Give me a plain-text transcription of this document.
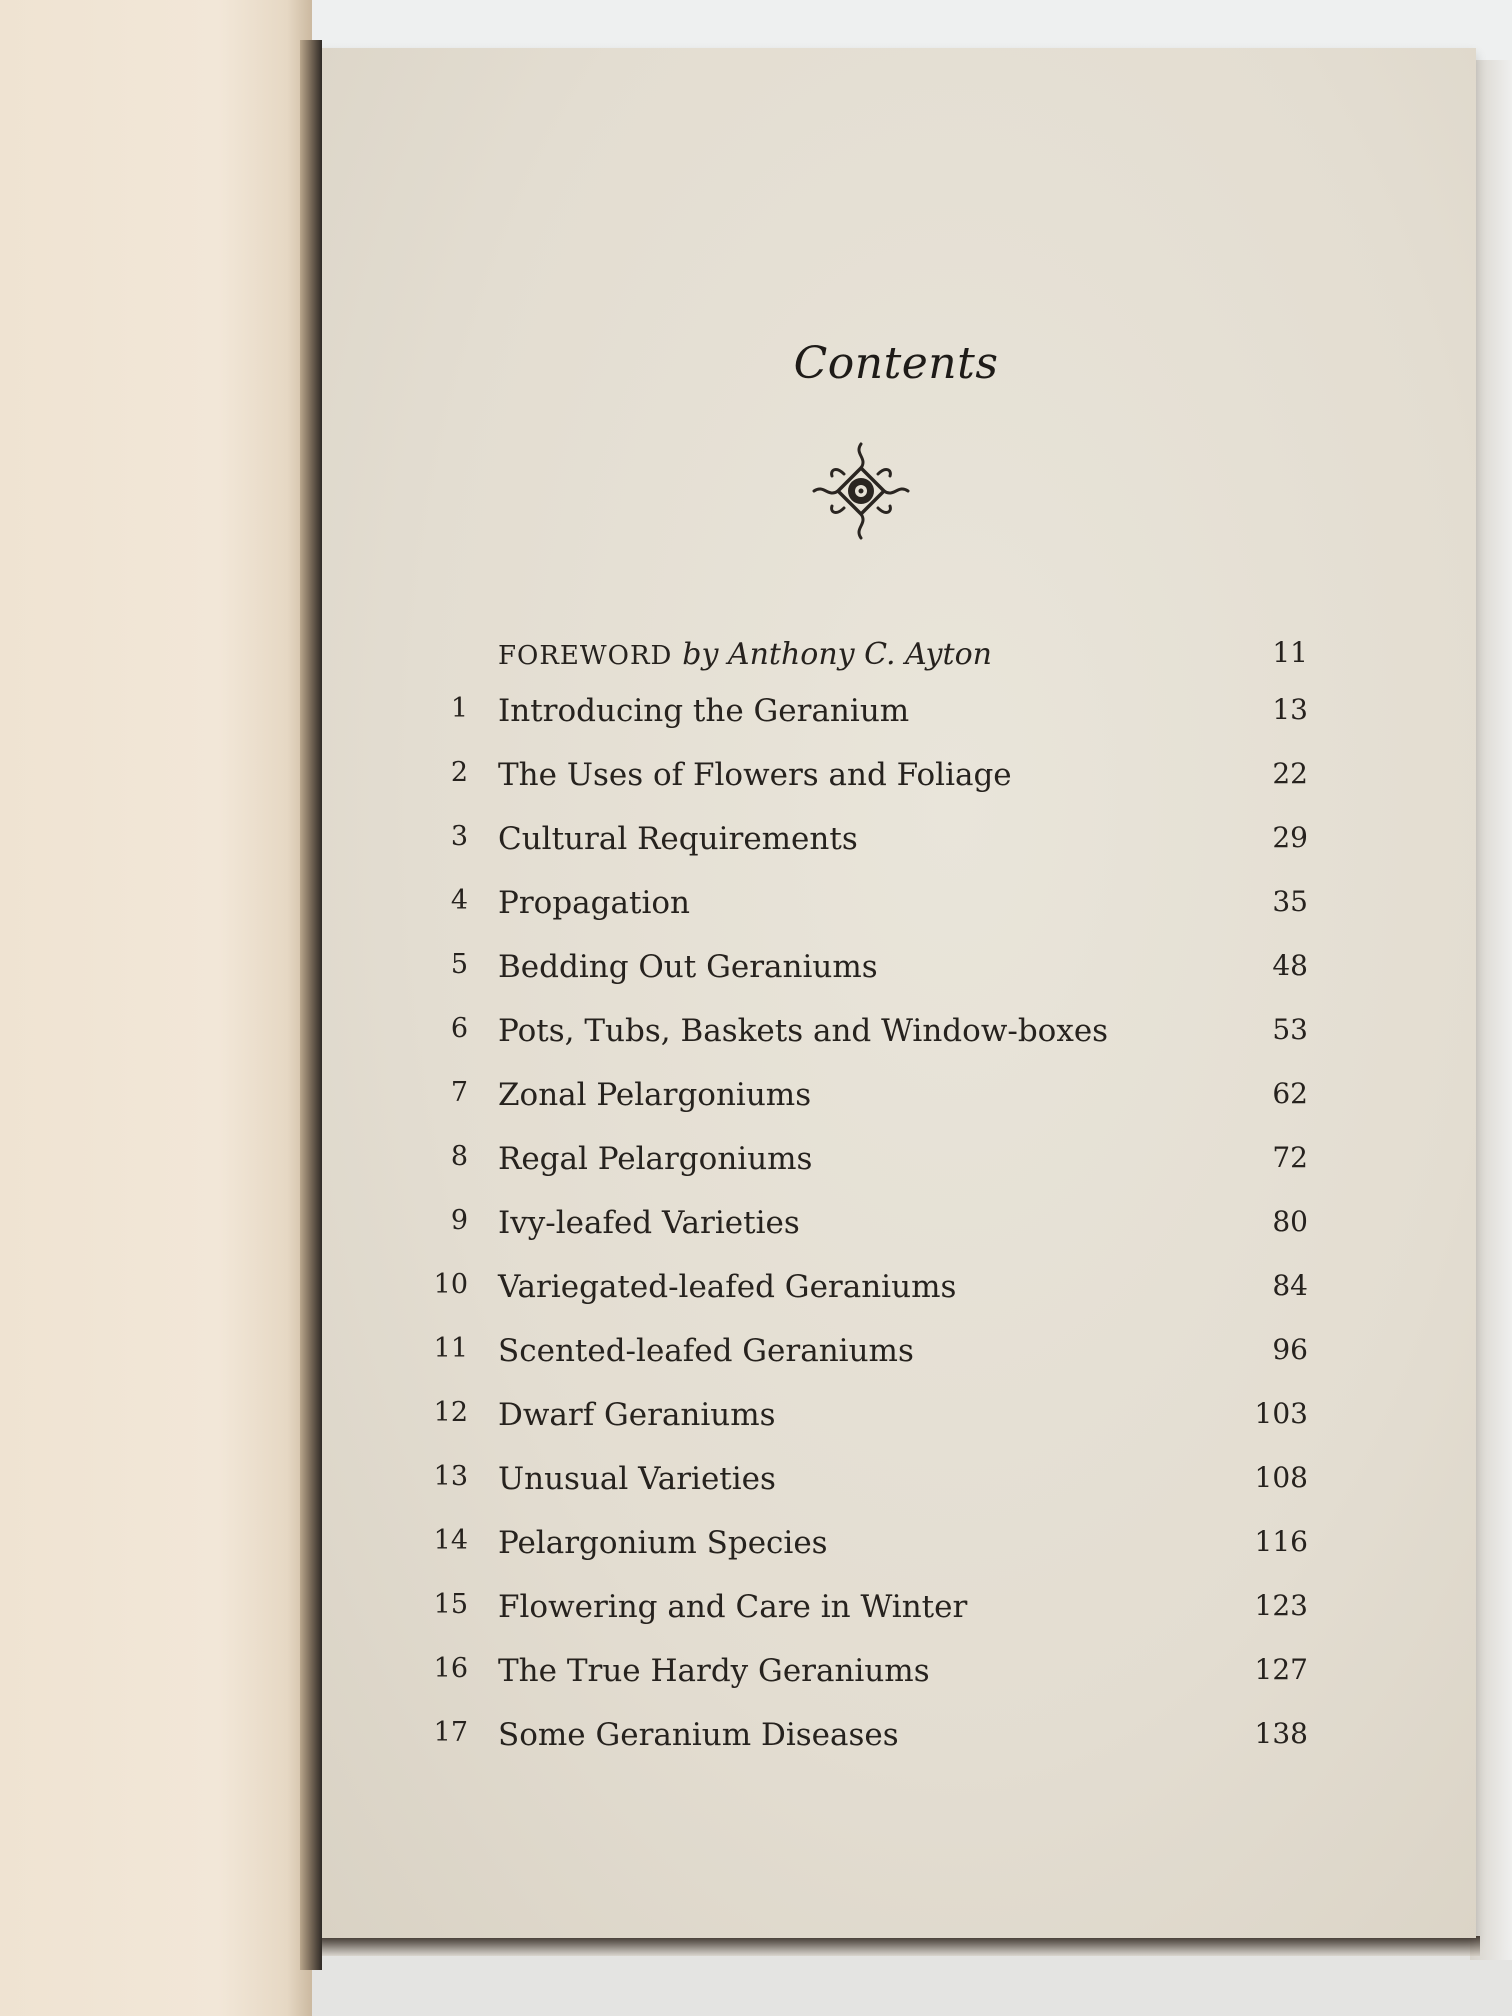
Contents
FOREWORD by Anthony C. Ayton	11
1 Introducing the Geranium	13
2 The Uses of Flowers and Foliage	22
3 Cultural Requirements	29
4 Propagation	35
5 Bedding Out Geraniums	48
6 Pots, Tubs, Baskets and Window-boxes	53
7 Zonal Pelargoniums	62
8 Regal Pelargoniums	72
9 Ivy-leafed Varieties	80
10 Variegated-leafed Geraniums	84
11 Scented-leafed Geraniums	96
12 Dwarf Geraniums	103
13 Unusual Varieties	108
14 Pelargonium Species	116
15 Flowering and Care in Winter	123
16 The True Hardy Geraniums	127
17 Some Geranium Diseases	138
